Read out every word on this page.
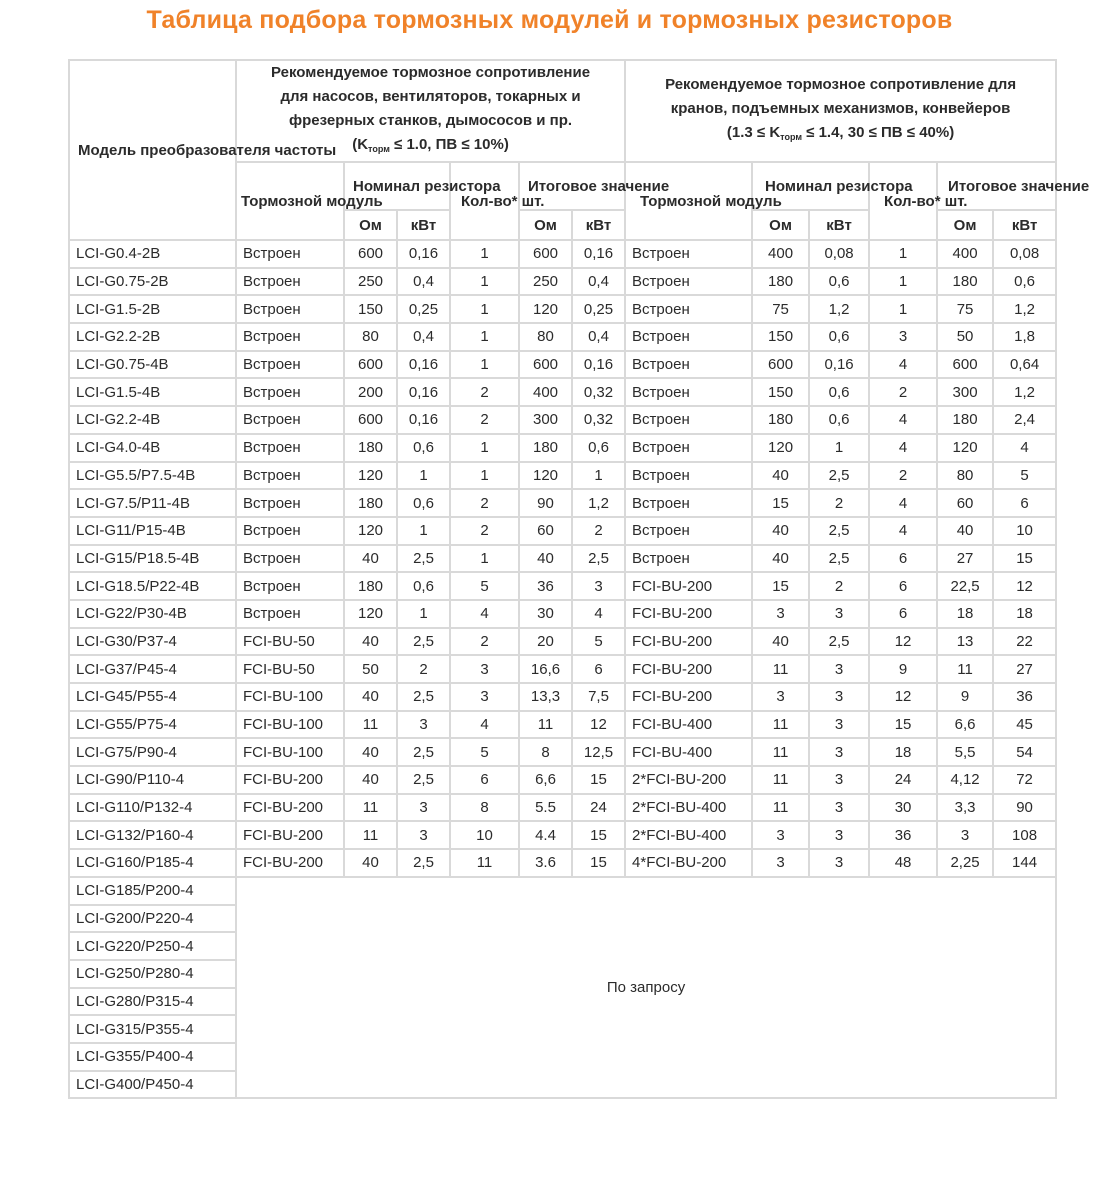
Таблица подбора тормозных модулей и тормозных резисторов
Модель преобразователя частоты	Рекомендуемое тормозное сопротивление
для насосов, вентиляторов, токарных и
фрезерных станков, дымососов и пр.
($K_{торм} \le 1.0$, ПВ ≤ 10%)						Рекомендуемое тормозное сопротивление для
кранов, подъемных механизмов, конвейеров
($1.3 \le K_{торм} \le 1.4$, 30 ≤ ПВ ≤ 40%)					
	Тормозной модуль	Номинал резистора		Кол-во* шт.	Итоговое значение		Тормозной модуль	Номинал резистора		Кол-во* шт.	Итоговое значение	
		Ом	кВт		Ом	кВт		Ом	кВт		Ом	кВт
LCI-G0.4-2B	Встроен	600	0,16	1	600	0,16	Встроен	400	0,08	1	400	0,08
LCI-G0.75-2B	Встроен	250	0,4	1	250	0,4	Встроен	180	0,6	1	180	0,6
LCI-G1.5-2B	Встроен	150	0,25	1	120	0,25	Встроен	75	1,2	1	75	1,2
LCI-G2.2-2B	Встроен	80	0,4	1	80	0,4	Встроен	150	0,6	3	50	1,8
LCI-G0.75-4B	Встроен	600	0,16	1	600	0,16	Встроен	600	0,16	4	600	0,64
LCI-G1.5-4B	Встроен	200	0,16	2	400	0,32	Встроен	150	0,6	2	300	1,2
LCI-G2.2-4B	Встроен	600	0,16	2	300	0,32	Встроен	180	0,6	4	180	2,4
LCI-G4.0-4B	Встроен	180	0,6	1	180	0,6	Встроен	120	1	4	120	4
LCI-G5.5/P7.5-4B	Встроен	120	1	1	120	1	Встроен	40	2,5	2	80	5
LCI-G7.5/P11-4B	Встроен	180	0,6	2	90	1,2	Встроен	15	2	4	60	6
LCI-G11/P15-4B	Встроен	120	1	2	60	2	Встроен	40	2,5	4	40	10
LCI-G15/P18.5-4B	Встроен	40	2,5	1	40	2,5	Встроен	40	2,5	6	27	15
LCI-G18.5/P22-4B	Встроен	180	0,6	5	36	3	FCI-BU-200	15	2	6	22,5	12
LCI-G22/P30-4B	Встроен	120	1	4	30	4	FCI-BU-200	3	3	6	18	18
LCI-G30/P37-4	FCI-BU-50	40	2,5	2	20	5	FCI-BU-200	40	2,5	12	13	22
LCI-G37/P45-4	FCI-BU-50	50	2	3	16,6	6	FCI-BU-200	11	3	9	11	27
LCI-G45/P55-4	FCI-BU-100	40	2,5	3	13,3	7,5	FCI-BU-200	3	3	12	9	36
LCI-G55/P75-4	FCI-BU-100	11	3	4	11	12	FCI-BU-400	11	3	15	6,6	45
LCI-G75/P90-4	FCI-BU-100	40	2,5	5	8	12,5	FCI-BU-400	11	3	18	5,5	54
LCI-G90/P110-4	FCI-BU-200	40	2,5	6	6,6	15	2*FCI-BU-200	11	3	24	4,12	72
LCI-G110/P132-4	FCI-BU-200	11	3	8	5.5	24	2*FCI-BU-400	11	3	30	3,3	90
LCI-G132/P160-4	FCI-BU-200	11	3	10	4.4	15	2*FCI-BU-400	3	3	36	3	108
LCI-G160/P185-4	FCI-BU-200	40	2,5	11	3.6	15	4*FCI-BU-200	3	3	48	2,25	144
LCI-G185/P200-4	По запросу											
LCI-G200/P220-4												
LCI-G220/P250-4												
LCI-G250/P280-4												
LCI-G280/P315-4												
LCI-G315/P355-4												
LCI-G355/P400-4												
LCI-G400/P450-4												
